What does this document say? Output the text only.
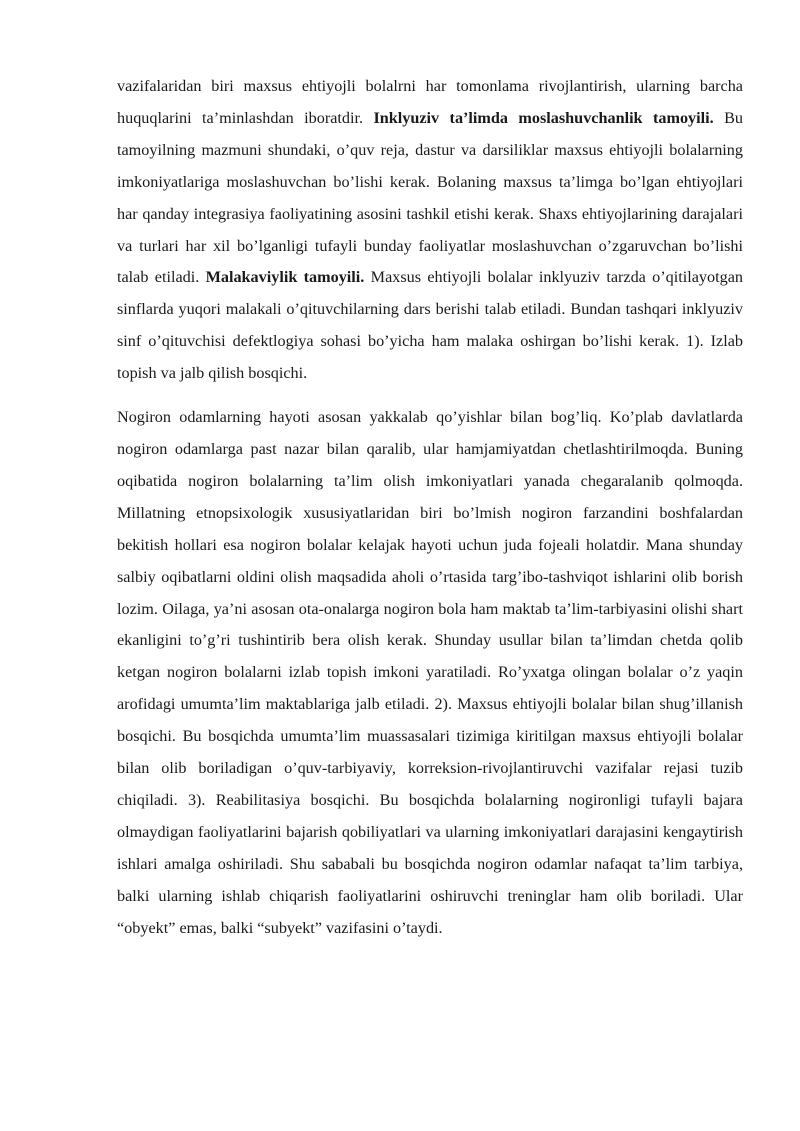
vazifalaridan biri maxsus ehtiyojli bolalrni har tomonlama rivojlantirish, ularning barcha huquqlarini ta’minlashdan iboratdir. Inklyuziv ta’limda moslashuvchanlik tamoyili. Bu tamoyilning mazmuni shundaki, o’quv reja, dastur va darsiliklar maxsus ehtiyojli bolalarning imkoniyatlariga moslashuvchan bo’lishi kerak. Bolaning maxsus ta’limga bo’lgan ehtiyojlari har qanday integrasiya faoliyatining asosini tashkil etishi kerak. Shaxs ehtiyojlarining darajalari va turlari har xil bo’lganligi tufayli bunday faoliyatlar moslashuvchan o’zgaruvchan bo’lishi talab etiladi. Malakaviylik tamoyili. Maxsus ehtiyojli bolalar inklyuziv tarzda o’qitilayotgan sinflarda yuqori malakali o’qituvchilarning dars berishi talab etiladi. Bundan tashqari inklyuziv sinf o’qituvchisi defektlogiya sohasi bo’yicha ham malaka oshirgan bo’lishi kerak. 1). Izlab topish va jalb qilish bosqichi.

Nogiron odamlarning hayoti asosan yakkalab qo’yishlar bilan bog’liq. Ko’plab davlatlarda nogiron odamlarga past nazar bilan qaralib, ular hamjamiyatdan chetlashtirilmoqda. Buning oqibatida nogiron bolalarning ta’lim olish imkoniyatlari yanada chegaralanib qolmoqda. Millatning etnopsixologik xususiyatlaridan biri bo’lmish nogiron farzandini boshfalardan bekitish hollari esa nogiron bolalar kelajak hayoti uchun juda fojeali holatdir. Mana shunday salbiy oqibatlarni oldini olish maqsadida aholi o’rtasida targ’ibo-tashviqot ishlarini olib borish lozim. Oilaga, ya’ni asosan ota-onalarga nogiron bola ham maktab ta’lim-tarbiyasini olishi shart ekanligini to’g’ri tushintirib bera olish kerak. Shunday usullar bilan ta’limdan chetda qolib ketgan nogiron bolalarni izlab topish imkoni yaratiladi. Ro’yxatga olingan bolalar o’z yaqin arofidagi umumta’lim maktablariga jalb etiladi. 2). Maxsus ehtiyojli bolalar bilan shug’illanish bosqichi. Bu bosqichda umumta’lim muassasalari tizimiga kiritilgan maxsus ehtiyojli bolalar bilan olib boriladigan o’quv-tarbiyaviy, korreksion-rivojlantiruvchi vazifalar rejasi tuzib chiqiladi. 3). Reabilitasiya bosqichi. Bu bosqichda bolalarning nogironligi tufayli bajara olmaydigan faoliyatlarini bajarish qobiliyatlari va ularning imkoniyatlari darajasini kengaytirish ishlari amalga oshiriladi. Shu sababali bu bosqichda nogiron odamlar nafaqat ta’lim tarbiya, balki ularning ishlab chiqarish faoliyatlarini oshiruvchi treninglar ham olib boriladi. Ular “obyekt” emas, balki “subyekt” vazifasini o’taydi.
